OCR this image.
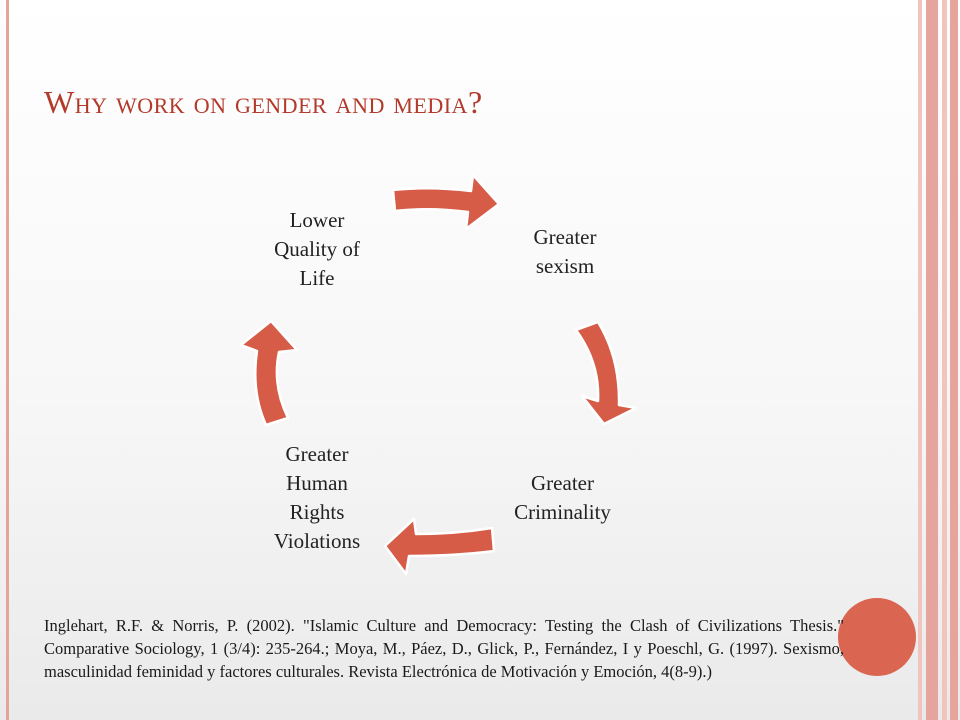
Why work on gender and media?
Greater
sexism
Greater
Criminality
Greater
Human
Rights
Violations
Lower
Quality of
Life

Inglehart, R.F. & Norris, P. (2002). "Islamic Culture and Democracy: Testing the Clash of Civilizations Thesis." Comparative Sociology, 1 (3/4): 235-264.; Moya, M., Páez, D., Glick, P., Fernández, I y Poeschl, G. (1997). Sexismo, masculinidad feminidad y factores culturales. Revista Electrónica de Motivación y Emoción, 4(8-9).)
